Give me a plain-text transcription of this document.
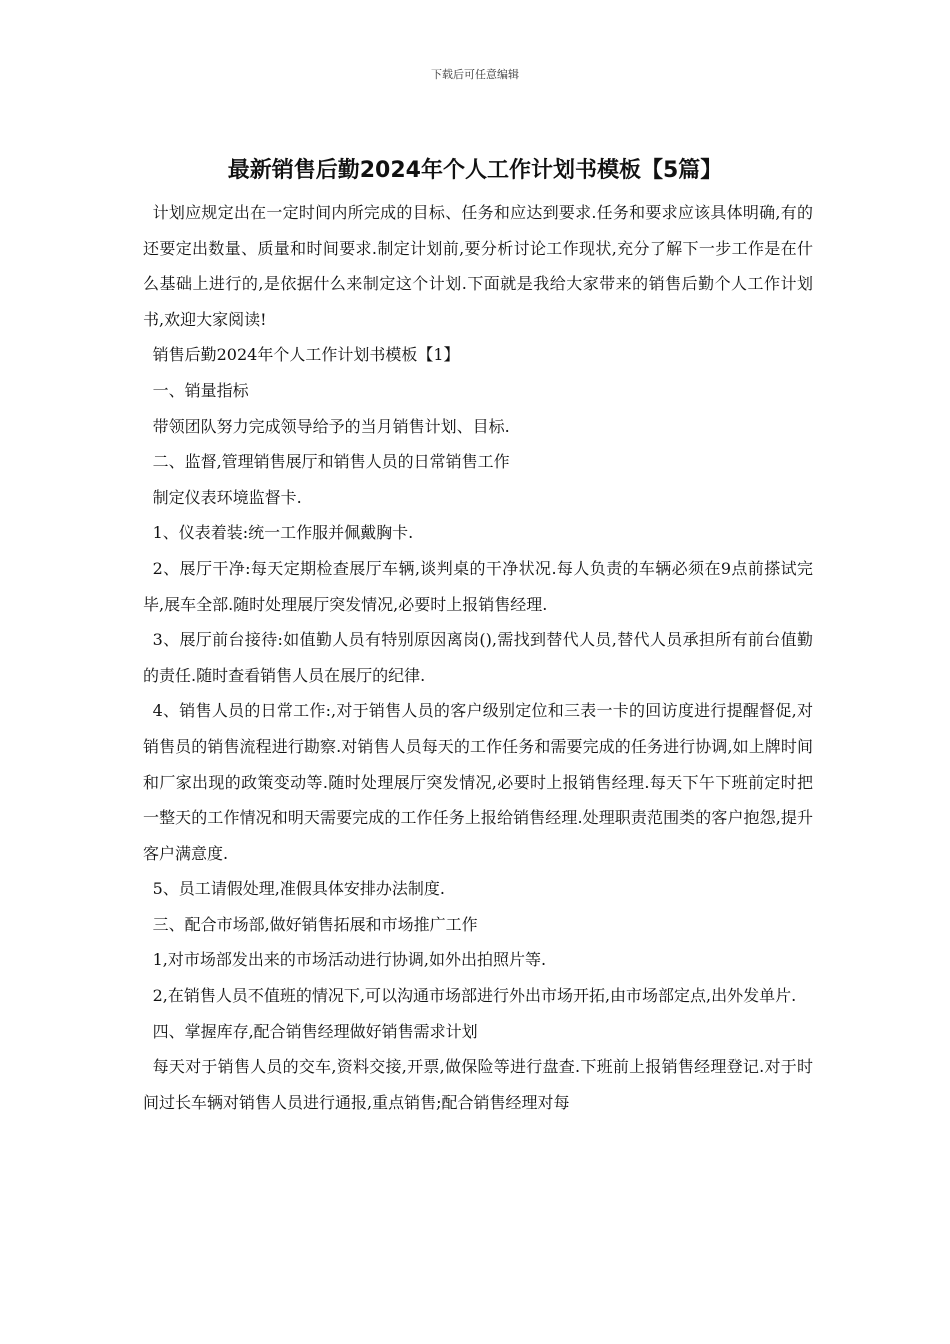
下载后可任意编辑
最新销售后勤2024年个人工作计划书模板【5篇】

计划应规定出在一定时间内所完成的目标、任务和应达到要求.任务和要求应该具体明确,有的还要定出数量、质量和时间要求.制定计划前,要分析讨论工作现状,充分了解下一步工作是在什么基础上进行的,是依据什么来制定这个计划.下面就是我给大家带来的销售后勤个人工作计划书,欢迎大家阅读!

销售后勤2024年个人工作计划书模板【1】

一、销量指标

带领团队努力完成领导给予的当月销售计划、目标.

二、监督,管理销售展厅和销售人员的日常销售工作

制定仪表环境监督卡.

1、仪表着装:统一工作服并佩戴胸卡.

2、展厅干净:每天定期检查展厅车辆,谈判桌的干净状况.每人负责的车辆必须在9点前搽试完毕,展车全部.随时处理展厅突发情况,必要时上报销售经理.

3、展厅前台接待:如值勤人员有特别原因离岗(),需找到替代人员,替代人员承担所有前台值勤的责任.随时查看销售人员在展厅的纪律.

4、销售人员的日常工作:,对于销售人员的客户级别定位和三表一卡的回访度进行提醒督促,对销售员的销售流程进行勘察.对销售人员每天的工作任务和需要完成的任务进行协调,如上牌时间和厂家出现的政策变动等.随时处理展厅突发情况,必要时上报销售经理.每天下午下班前定时把一整天的工作情况和明天需要完成的工作任务上报给销售经理.处理职责范围类的客户抱怨,提升客户满意度.

5、员工请假处理,准假具体安排办法制度.

三、配合市场部,做好销售拓展和市场推广工作

1,对市场部发出来的市场活动进行协调,如外出拍照片等.

2,在销售人员不值班的情况下,可以沟通市场部进行外出市场开拓,由市场部定点,出外发单片.

四、掌握库存,配合销售经理做好销售需求计划

每天对于销售人员的交车,资料交接,开票,做保险等进行盘查.下班前上报销售经理登记.对于时间过长车辆对销售人员进行通报,重点销售;配合销售经理对每
